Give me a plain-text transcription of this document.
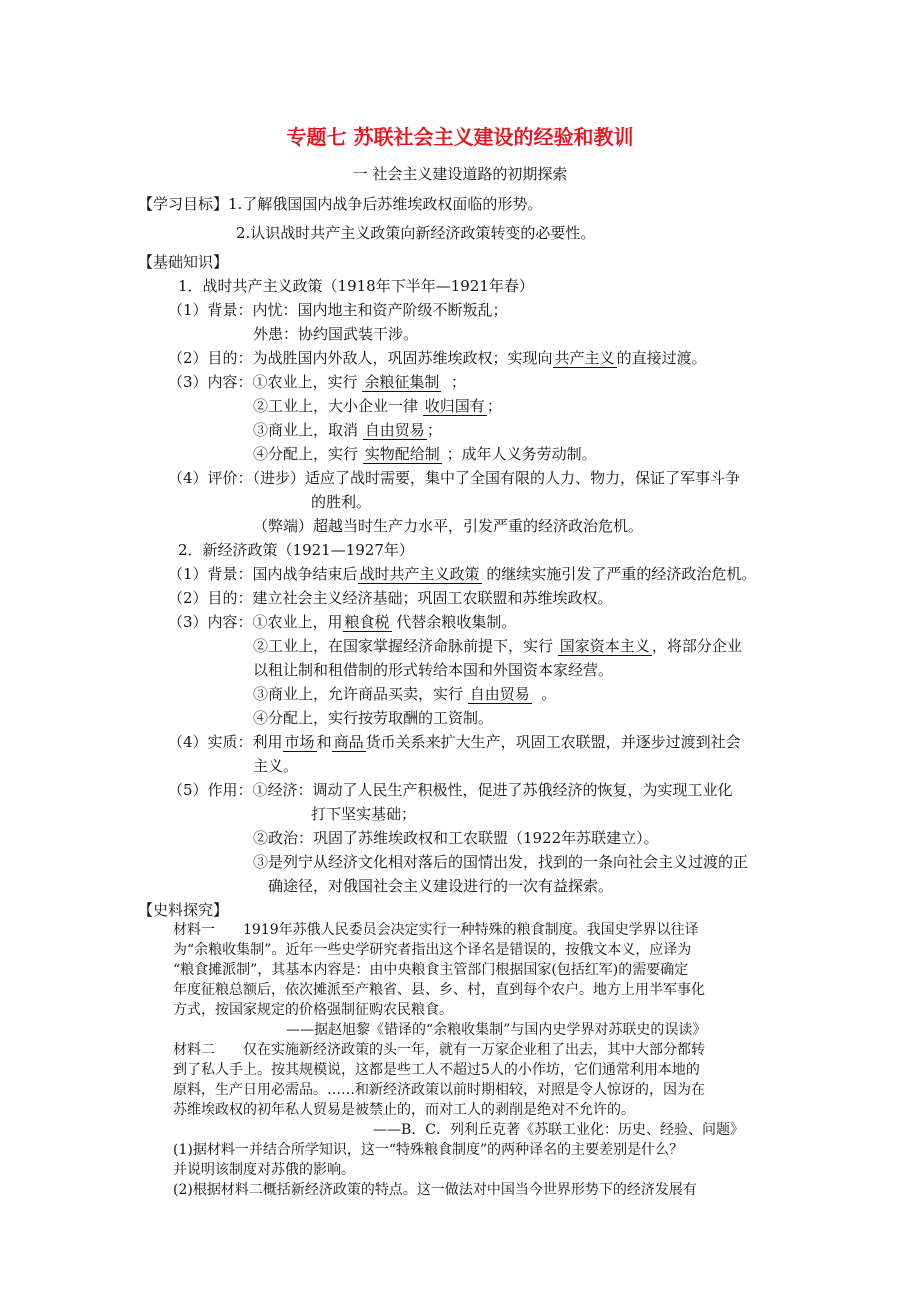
专题七 苏联社会主义建设的经验和教训
一 社会主义建设道路的初期探索
【学习目标】1.了解俄国国内战争后苏维埃政权面临的形势。
2.认识战时共产主义政策向新经济政策转变的必要性。
【基础知识】
1．战时共产主义政策（1918年下半年—1921年春）
（1）背景：内忧：国内地主和资产阶级不断叛乱；
外患：协约国武装干涉。
（2）目的：为战胜国内外敌人，巩固苏维埃政权；实现向 共产主义 的直接过渡。
（3）内容：①农业上，实行 余粮征集制 ；
②工业上，大小企业一律 收归国有 ；
③商业上，取消 自由贸易 ；
④分配上，实行 实物配给制 ；成年人义务劳动制。
（4）评价：（进步）适应了战时需要，集中了全国有限的人力、物力，保证了军事斗争
的胜利。
（弊端）超越当时生产力水平，引发严重的经济政治危机。
2．新经济政策（1921—1927年）
（1）背景：国内战争结束后 战时共产主义政策 的继续实施引发了严重的经济政治危机。
（2）目的：建立社会主义经济基础；巩固工农联盟和苏维埃政权。
（3）内容：①农业上，用 粮食税 代替余粮收集制。
②工业上，在国家掌握经济命脉前提下，实行 国家资本主义 ，将部分企业
以租让制和租借制的形式转给本国和外国资本家经营。
③商业上，允许商品买卖，实行 自由贸易 。
④分配上，实行按劳取酬的工资制。
（4）实质：利用 市场 和 商品 货币关系来扩大生产，巩固工农联盟，并逐步过渡到社会
主义。
（5）作用：①经济：调动了人民生产积极性，促进了苏俄经济的恢复，为实现工业化
打下坚实基础；
②政治：巩固了苏维埃政权和工农联盟（1922年苏联建立）。
③是列宁从经济文化相对落后的国情出发，找到的一条向社会主义过渡的正
确途径，对俄国社会主义建设进行的一次有益探索。
【史料探究】
材料一　　1919年苏俄人民委员会决定实行一种特殊的粮食制度。我国史学界以往译
为“余粮收集制”。近年一些史学研究者指出这个译名是错误的，按俄文本义，应译为
“粮食摊派制”，其基本内容是：由中央粮食主管部门根据国家(包括红军)的需要确定
年度征粮总额后，依次摊派至产粮省、县、乡、村，直到每个农户。地方上用半军事化
方式，按国家规定的价格强制征购农民粮食。
——据赵旭黎《错译的“余粮收集制”与国内史学界对苏联史的误读》
材料二　　仅在实施新经济政策的头一年，就有一万家企业租了出去，其中大部分都转
到了私人手上。按其规模说，这都是些工人不超过5人的小作坊，它们通常利用本地的
原料，生产日用必需品。……和新经济政策以前时期相较，对照是令人惊讶的，因为在
苏维埃政权的初年私人贸易是被禁止的，而对工人的剥削是绝对不允许的。
——B．C．列利丘克著《苏联工业化：历史、经验、问题》
(1)据材料一并结合所学知识，这一“特殊粮食制度”的两种译名的主要差别是什么？
并说明该制度对苏俄的影响。
(2)根据材料二概括新经济政策的特点。这一做法对中国当今世界形势下的经济发展有
